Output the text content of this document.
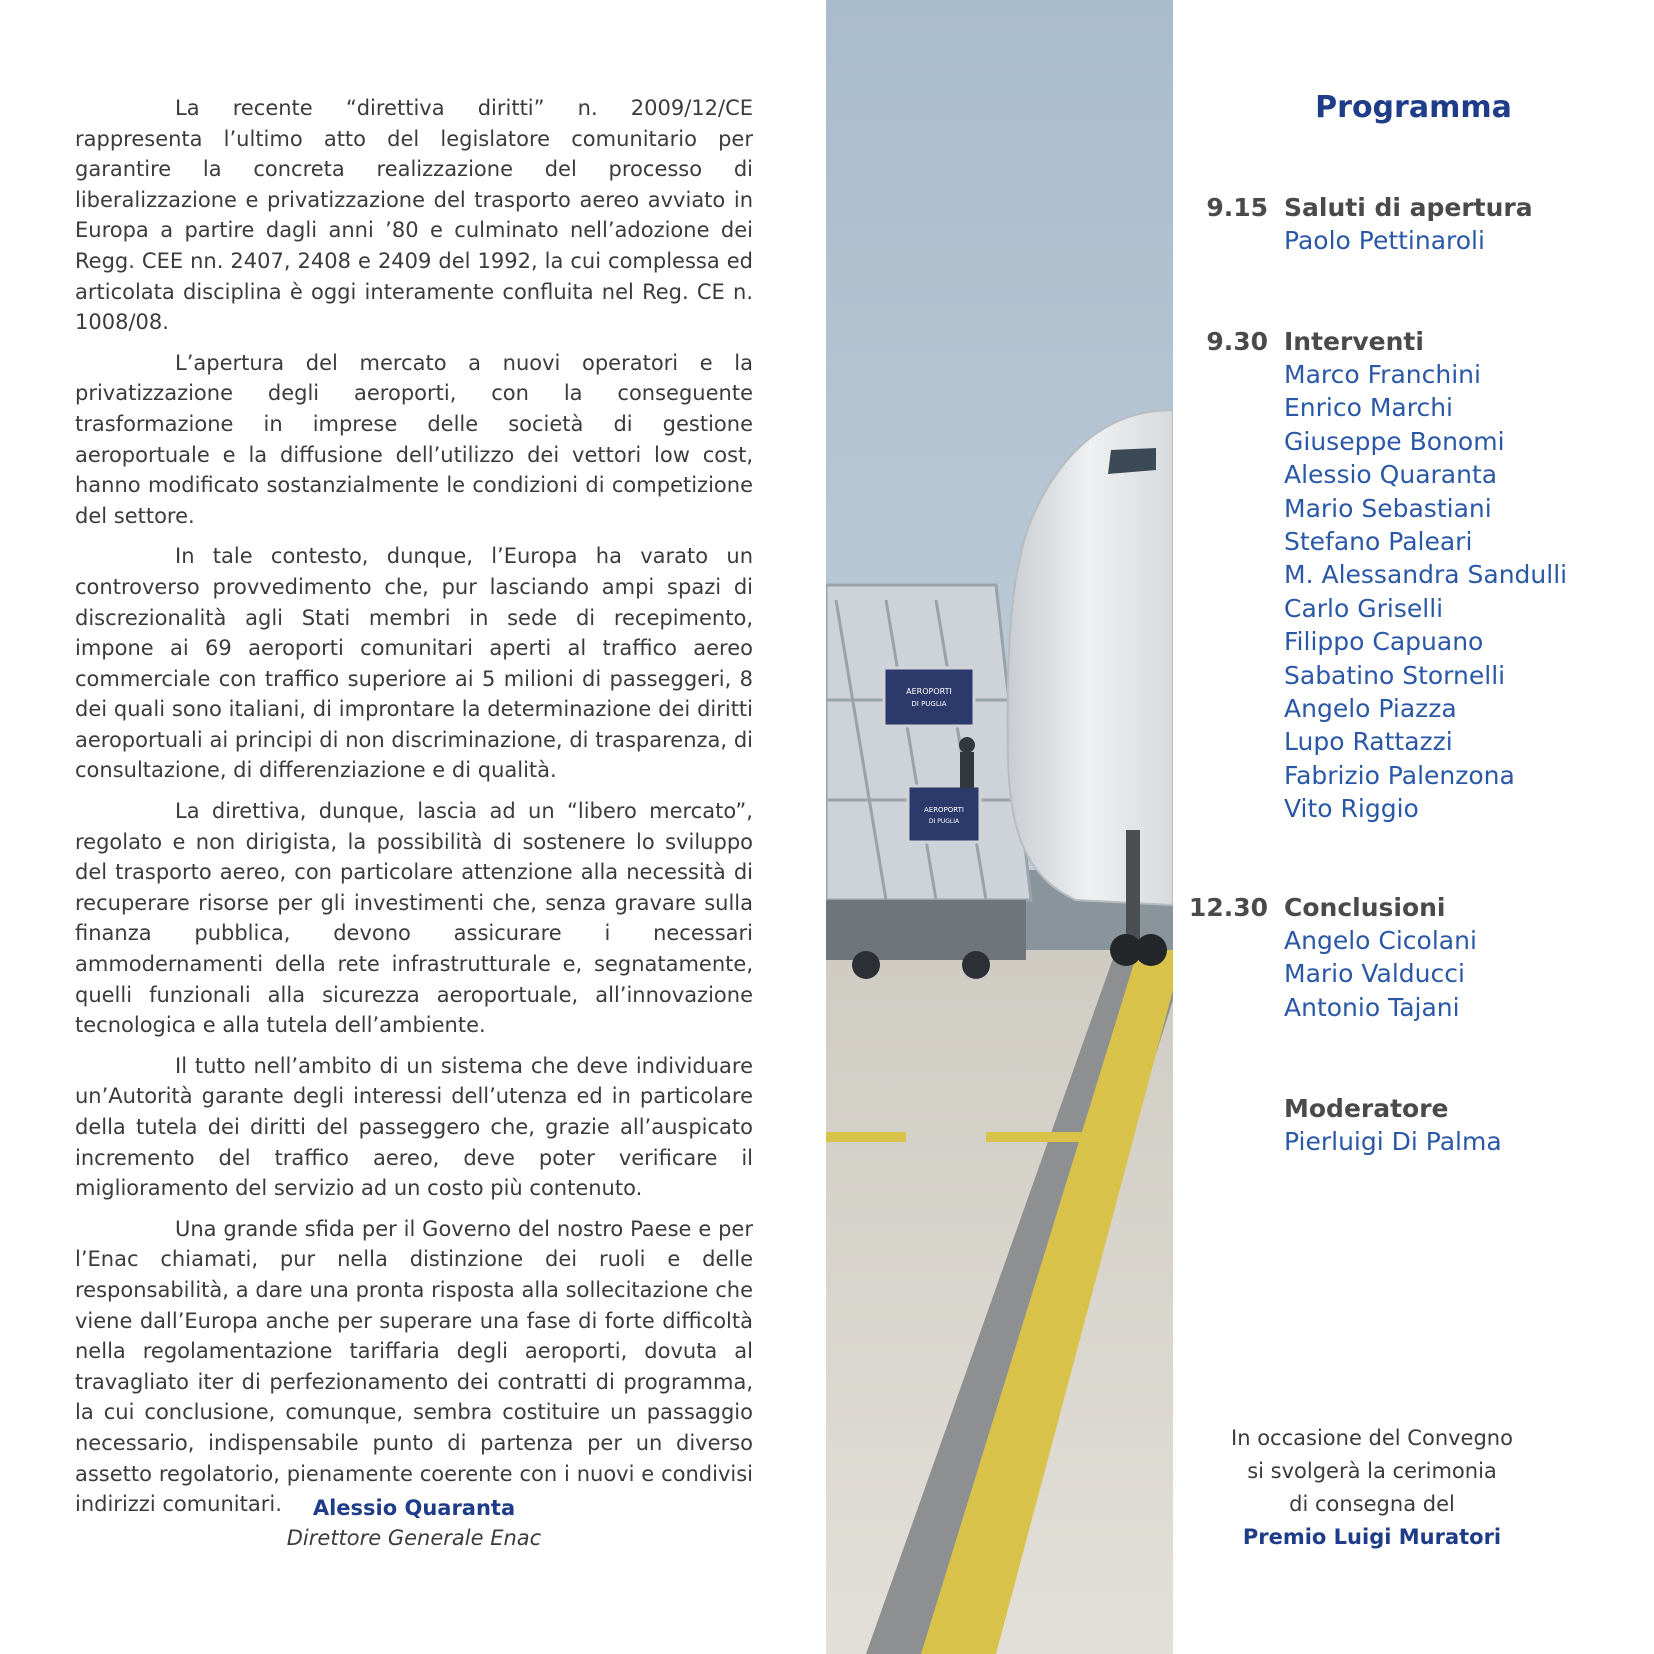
La recente “direttiva diritti” n. 2009/12/CE rappresenta l’ultimo atto del legislatore comunitario per garantire la concreta realizzazione del processo di liberalizzazione e privatizzazione del trasporto aereo avviato in Europa a partire dagli anni ’80 e culminato nell’adozione dei Regg. CEE nn. 2407, 2408 e 2409 del 1992, la cui complessa ed articolata disciplina è oggi interamente confluita nel Reg. CE n. 1008/08.

L’apertura del mercato a nuovi operatori e la privatizzazione degli aeroporti, con la conseguente trasformazione in imprese delle società di gestione aeroportuale e la diffusione dell’utilizzo dei vettori low cost, hanno modificato sostanzialmente le condizioni di competizione del settore.

In tale contesto, dunque, l’Europa ha varato un controverso provvedimento che, pur lasciando ampi spazi di discrezionalità agli Stati membri in sede di recepimento, impone ai 69 aeroporti comunitari aperti al traffico aereo commerciale con traffico superiore ai 5 milioni di passeggeri, 8 dei quali sono italiani, di improntare la determinazione dei diritti aeroportuali ai principi di non discriminazione, di trasparenza, di consultazione, di differenziazione e di qualità.

La direttiva, dunque, lascia ad un “libero mercato”, regolato e non dirigista, la possibilità di sostenere lo sviluppo del trasporto aereo, con particolare attenzione alla necessità di recuperare risorse per gli investimenti che, senza gravare sulla finanza pubblica, devono assicurare i necessari ammodernamenti della rete infrastrutturale e, segnatamente, quelli funzionali alla sicurezza aeroportuale, all’innovazione tecnologica e alla tutela dell’ambiente.

Il tutto nell’ambito di un sistema che deve individuare un’Autorità garante degli interessi dell’utenza ed in particolare della tutela dei diritti del passeggero che, grazie all’auspicato incremento del traffico aereo, deve poter verificare il miglioramento del servizio ad un costo più contenuto.

Una grande sfida per il Governo del nostro Paese e per l’Enac chiamati, pur nella distinzione dei ruoli e delle responsabilità, a dare una pronta risposta alla sollecitazione che viene dall’Europa anche per superare una fase di forte difficoltà nella regolamentazione tariffaria degli aeroporti, dovuta al travagliato iter di perfezionamento dei contratti di programma, la cui conclusione, comunque, sembra costituire un passaggio necessario, indispensabile punto di partenza per un diverso assetto regolatorio, pienamente coerente con i nuovi e condivisi indirizzi comunitari.	Alessio Quaranta

Direttore Generale Enac

AEROPORTI
DI PUGLIA
AEROPORTI
DI PUGLIA
Programma

9.15 Saluti di apertura

Paolo Pettinaroli

9.30 Interventi

Marco Franchini
Enrico Marchi
Giuseppe Bonomi
Alessio Quaranta
Mario Sebastiani
Stefano Paleari
M. Alessandra Sandulli
Carlo Griselli
Filippo Capuano
Sabatino Stornelli
Angelo Piazza
Lupo Rattazzi
Fabrizio Palenzona
Vito Riggio

12.30 Conclusioni

Angelo Cicolani
Mario Valducci
Antonio Tajani

Moderatore

Pierluigi Di Palma

In occasione del Convegno

si svolgerà la cerimonia

di consegna del

Premio Luigi Muratori
